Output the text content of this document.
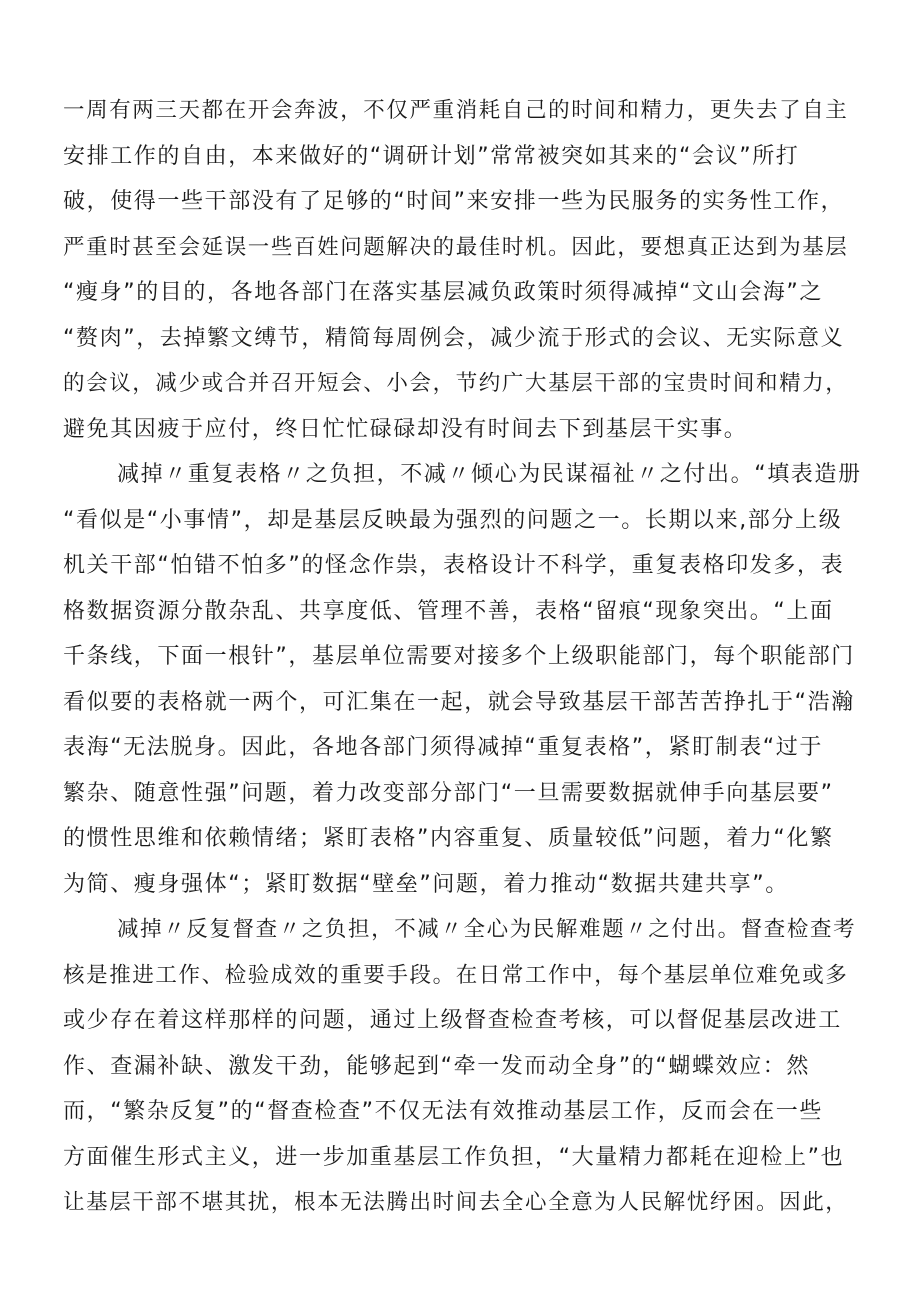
一周有两三天都在开会奔波，不仅严重消耗自己的时间和精力，更失去了自主
安排工作的自由，本来做好的“调研计划”常常被突如其来的“会议”所打
破，使得一些干部没有了足够的“时间”来安排一些为民服务的实务性工作，
严重时甚至会延误一些百姓问题解决的最佳时机。因此，要想真正达到为基层
“瘦身”的目的，各地各部门在落实基层减负政策时须得减掉“文山会海”之
“赘肉”，去掉繁文缚节，精简每周例会，减少流于形式的会议、无实际意义
的会议，减少或合并召开短会、小会，节约广大基层干部的宝贵时间和精力，
避免其因疲于应付，终日忙忙碌碌却没有时间去下到基层干实事。
减掉〃重复表格〃之负担，不减〃倾心为民谋福祉〃之付出。“填表造册
“看似是“小事情”，却是基层反映最为强烈的问题之一。长期以来,部分上级
机关干部“怕错不怕多”的怪念作祟，表格设计不科学，重复表格印发多，表
格数据资源分散杂乱、共享度低、管理不善，表格“留痕“现象突出。“上面
千条线，下面一根针”，基层单位需要对接多个上级职能部门，每个职能部门
看似要的表格就一两个，可汇集在一起，就会导致基层干部苦苦挣扎于“浩瀚
表海“无法脱身。因此，各地各部门须得减掉“重复表格”，紧盯制表“过于
繁杂、随意性强”问题，着力改变部分部门“一旦需要数据就伸手向基层要”
的惯性思维和依赖情绪；紧盯表格”内容重复、质量较低”问题，着力“化繁
为简、瘦身强体“；紧盯数据“壁垒”问题，着力推动“数据共建共享”。
减掉〃反复督查〃之负担，不减〃全心为民解难题〃之付出。督查检查考
核是推进工作、检验成效的重要手段。在日常工作中，每个基层单位难免或多
或少存在着这样那样的问题，通过上级督查检查考核，可以督促基层改进工
作、查漏补缺、激发干劲，能够起到“牵一发而动全身”的“蝴蝶效应：然
而，“繁杂反复”的“督查检查”不仅无法有效推动基层工作，反而会在一些
方面催生形式主义，进一步加重基层工作负担，“大量精力都耗在迎检上”也
让基层干部不堪其扰，根本无法腾出时间去全心全意为人民解忧纾困。因此，
